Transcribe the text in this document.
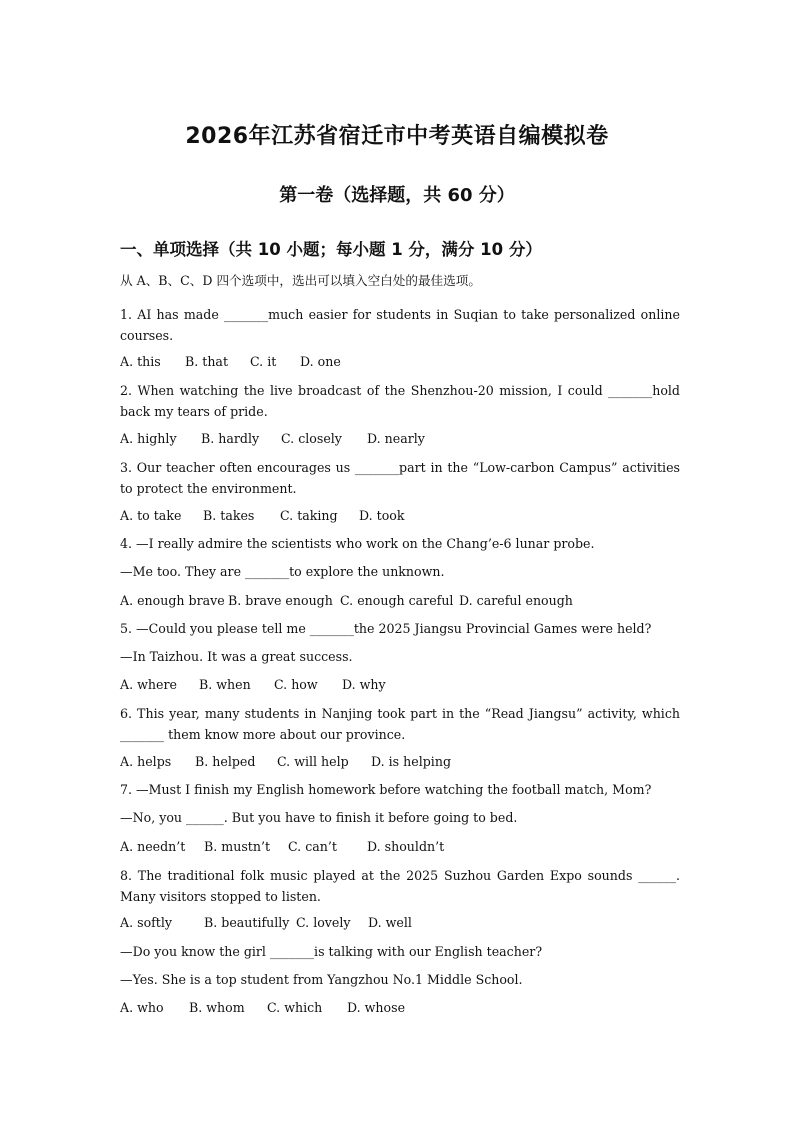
2026年江苏省宿迁市中考英语自编模拟卷
第一卷（选择题，共 60 分）
一、单项选择（共 10 小题；每小题 1 分，满分 10 分）
从 A、B、C、D 四个选项中，选出可以填入空白处的最佳选项。
1. AI has made _______much easier for students in Suqian to take personalized online courses.
A. this B. that C. it D. one
2. When watching the live broadcast of the Shenzhou-20 mission, I could _______hold back my tears of pride.
A. highly B. hardly C. closely D. nearly
3. Our teacher often encourages us _______part in the “Low-carbon Campus” activities to protect the environment.
A. to take B. takes C. taking D. took
4. —I really admire the scientists who work on the Chang’e-6 lunar probe.
—Me too. They are _______to explore the unknown.
A. enough brave B. brave enough C. enough careful D. careful enough
5. —Could you please tell me _______the 2025 Jiangsu Provincial Games were held?
—In Taizhou. It was a great success.
A. where B. when C. how D. why
6. This year, many students in Nanjing took part in the “Read Jiangsu” activity, which _______ them know more about our province.
A. helps B. helped C. will help D. is helping
7. —Must I finish my English homework before watching the football match, Mom?
—No, you ______. But you have to finish it before going to bed.
A. needn’t B. mustn’t C. can’t D. shouldn’t
8. The traditional folk music played at the 2025 Suzhou Garden Expo sounds ______. Many visitors stopped to listen.
A. softly	B. beautifully C. lovely D. well
—Do you know the girl _______is talking with our English teacher?
—Yes. She is a top student from Yangzhou No.1 Middle School.
A. who B. whom C. which D. whose
